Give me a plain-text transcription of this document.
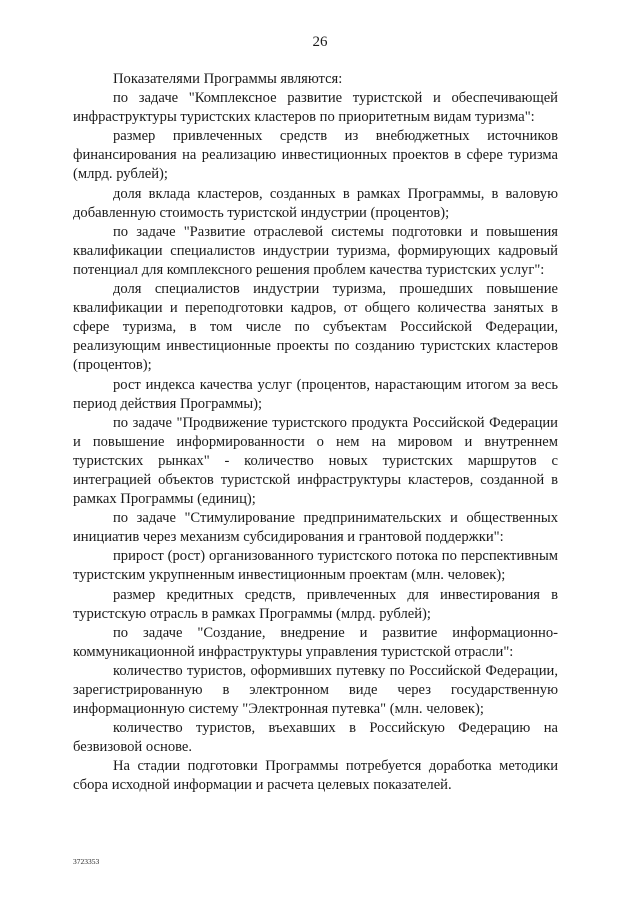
26

Показателями Программы являются:

по задаче "Комплексное развитие туристской и обеспечивающей инфраструктуры туристских кластеров по приоритетным видам туризма":

размер привлеченных средств из внебюджетных источников финансирования на реализацию инвестиционных проектов в сфере туризма (млрд. рублей);

доля вклада кластеров, созданных в рамках Программы, в валовую добавленную стоимость туристской индустрии (процентов);

по задаче "Развитие отраслевой системы подготовки и повышения квалификации специалистов индустрии туризма, формирующих кадровый потенциал для комплексного решения проблем качества туристских услуг":

доля специалистов индустрии туризма, прошедших повышение квалификации и переподготовки кадров, от общего количества занятых в сфере туризма, в том числе по субъектам Российской Федерации, реализующим инвестиционные проекты по созданию туристских кластеров (процентов);

рост индекса качества услуг (процентов, нарастающим итогом за весь период действия Программы);

по задаче "Продвижение туристского продукта Российской Федерации и повышение информированности о нем на мировом и внутреннем туристских рынках" - количество новых туристских маршрутов с интеграцией объектов туристской инфраструктуры кластеров, созданной в рамках Программы (единиц);

по задаче "Стимулирование предпринимательских и общественных инициатив через механизм субсидирования и грантовой поддержки":

прирост (рост) организованного туристского потока по перспективным туристским укрупненным инвестиционным проектам (млн. человек);

размер кредитных средств, привлеченных для инвестирования в туристскую отрасль в рамках Программы (млрд. рублей);

по задаче "Создание, внедрение и развитие информационно-коммуникационной инфраструктуры управления туристской отрасли":

количество туристов, оформивших путевку по Российской Федерации, зарегистрированную в электронном виде через государственную информационную систему "Электронная путевка" (млн. человек);

количество туристов, въехавших в Российскую Федерацию на безвизовой основе.

На стадии подготовки Программы потребуется доработка методики сбора исходной информации и расчета целевых показателей.

3723353
